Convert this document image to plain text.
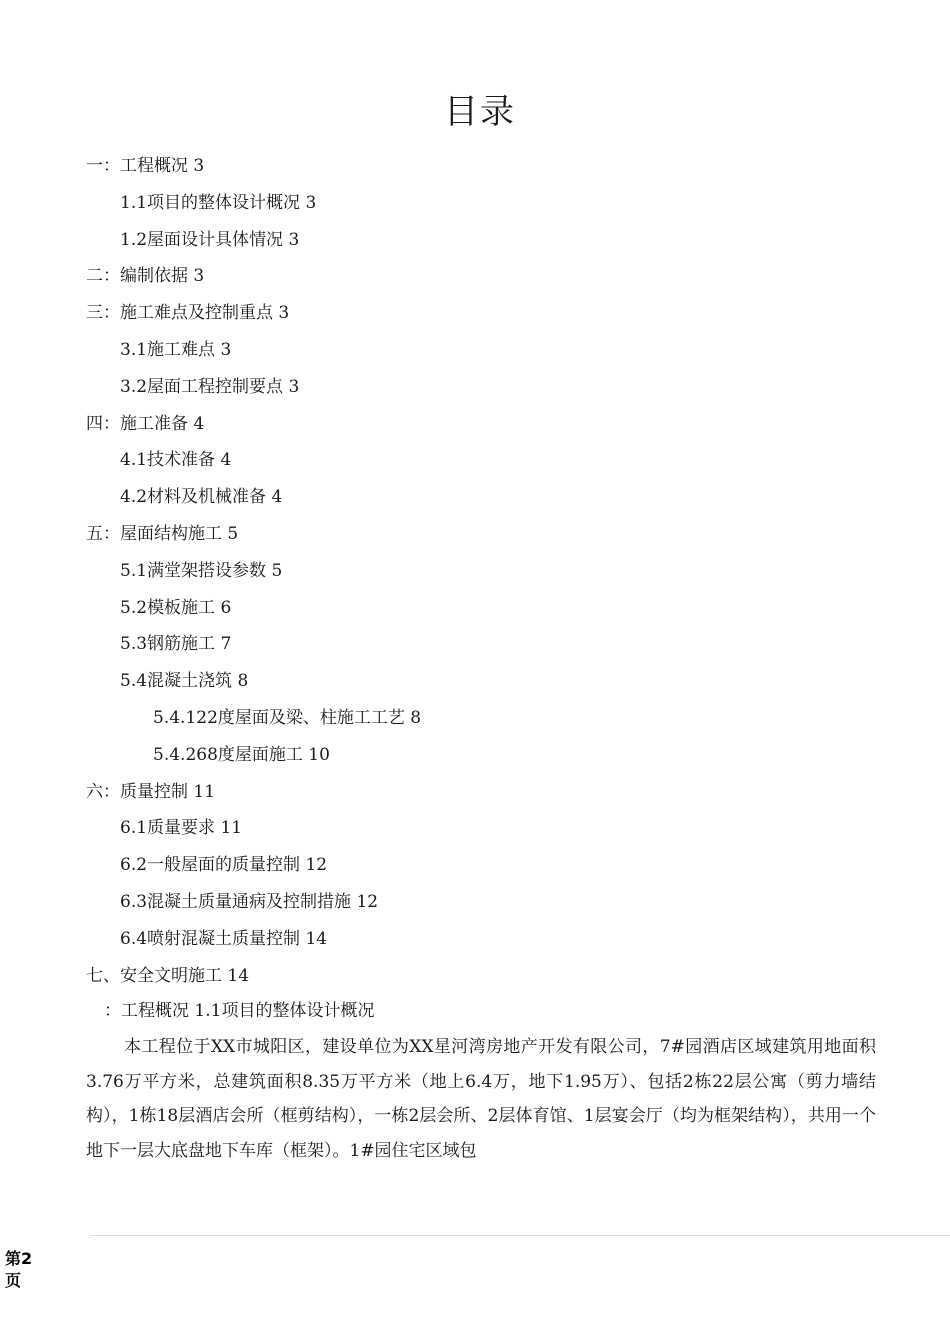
目录
一：工程概况 3
1.1项目的整体设计概况 3
1.2屋面设计具体情况 3
二：编制依据 3
三：施工难点及控制重点 3
3.1施工难点 3
3.2屋面工程控制要点 3
四：施工准备 4
4.1技术准备 4
4.2材料及机械准备 4
五：屋面结构施工 5
5.1满堂架搭设参数 5
5.2模板施工 6
5.3钢筋施工 7
5.4混凝土浇筑 8
5.4.122度屋面及梁、柱施工工艺 8
5.4.268度屋面施工 10
六：质量控制 11
6.1质量要求 11
6.2一般屋面的质量控制 12
6.3混凝土质量通病及控制措施 12
6.4喷射混凝土质量控制 14
七、安全文明施工 14
：工程概况 1.1项目的整体设计概况

本工程位于XX市城阳区，建设单位为XX星河湾房地产开发有限公司，7#园酒店区域建筑用地面积3.76万平方米，总建筑面积8.35万平方米（地上6.4万，地下1.95万）、包括2栋22层公寓（剪力墙结构），1栋18层酒店会所（框剪结构），一栋2层会所、2层体育馆、1层宴会厅（均为框架结构），共用一个地下一层大底盘地下车库（框架）。1#园住宅区域包

第2页
